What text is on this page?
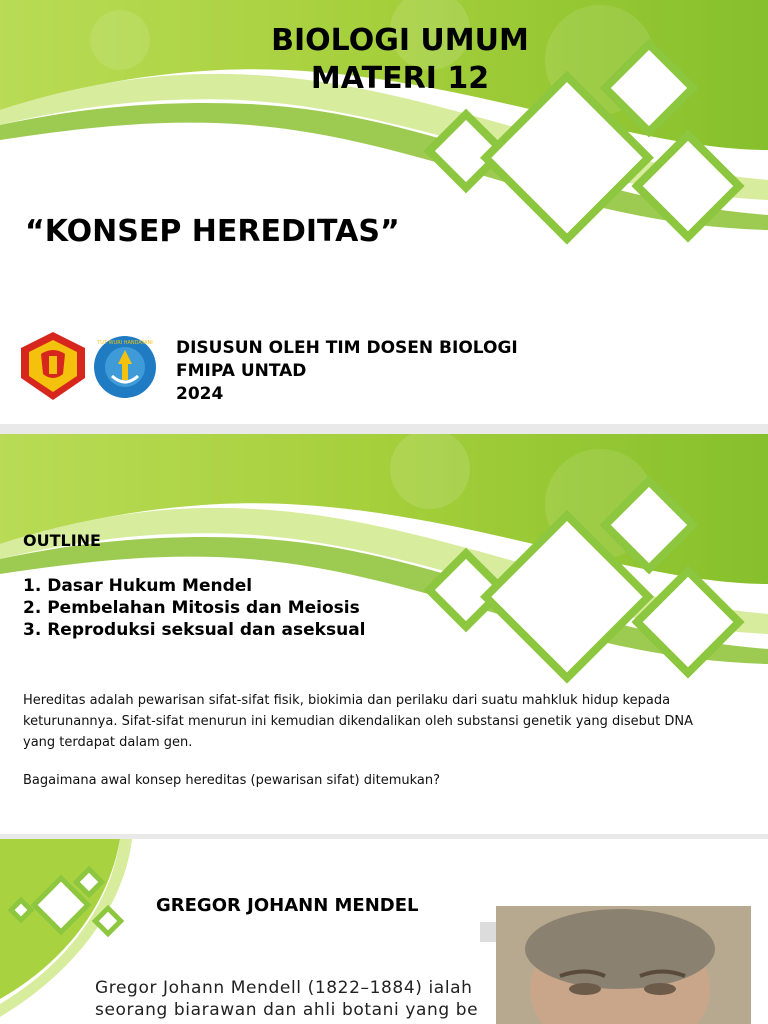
BIOLOGI UMUM
MATERI 12
“KONSEP HEREDITAS”
TUT WURI HANDAYANI DISUSUN OLEH TIM DOSEN BIOLOGI
FMIPA UNTAD
2024
OUTLINE
1. Dasar Hukum Mendel
2. Pembelahan Mitosis dan Meiosis
3. Reproduksi seksual dan aseksual
Hereditas adalah pewarisan sifat-sifat fisik, biokimia dan perilaku dari suatu mahkluk hidup kepada
keturunannya. Sifat-sifat menurun ini kemudian dikendalikan oleh substansi genetik yang disebut DNA
yang terdapat dalam gen.
Bagaimana awal konsep hereditas (pewarisan sifat) ditemukan?
GREGOR JOHANN MENDEL
Gregor Johann Mendell (1822–1884) ialah
seorang biarawan dan ahli botani yang be
